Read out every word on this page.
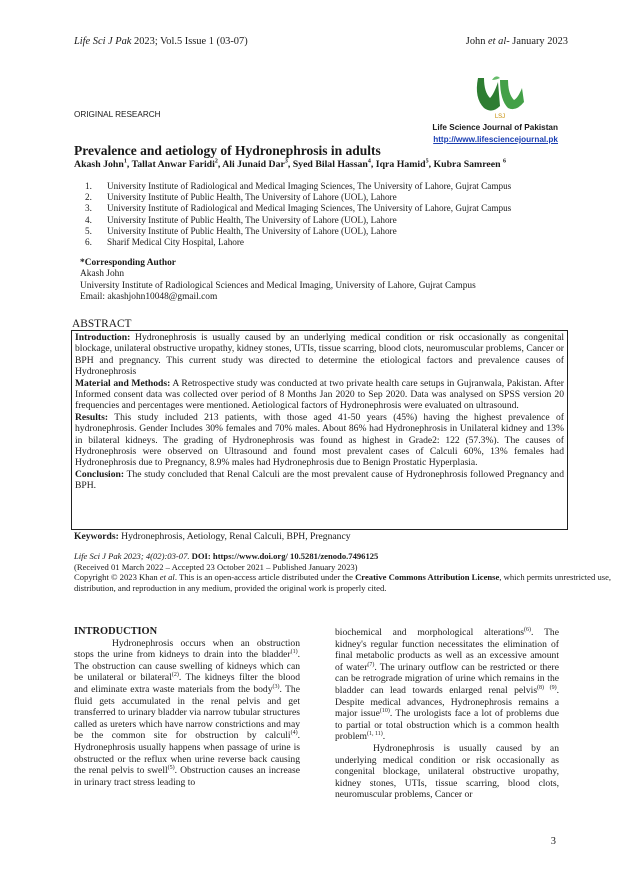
Life Sci J Pak 2023; Vol.5 Issue 1 (03-07)	John et al- January 2023
LSJ
ORIGINAL RESEARCH
Life Science Journal of Pakistan
http://www.lifesciencejournal.pk
Prevalence and aetiology of Hydronephrosis in adults
Akash John$^1$, Tallat Anwar Faridi$^2$, Ali Junaid Dar$^3$, Syed Bilal Hassan$^4$, Iqra Hamid$^5$, Kubra Samreen $^6$
1. University Institute of Radiological and Medical Imaging Sciences, The University of Lahore, Gujrat Campus
2. University Institute of Public Health, The University of Lahore (UOL), Lahore
3. University Institute of Radiological and Medical Imaging Sciences, The University of Lahore, Gujrat Campus
4. University Institute of Public Health, The University of Lahore (UOL), Lahore
5. University Institute of Public Health, The University of Lahore (UOL), Lahore
6. Sharif Medical City Hospital, Lahore
*Corresponding Author
Akash John
University Institute of Radiological Sciences and Medical Imaging, University of Lahore, Gujrat Campus
Email: akashjohn10048@gmail.com
ABSTRACT

Introduction: Hydronephrosis is usually caused by an underlying medical condition or risk occasionally as congenital blockage, unilateral obstructive uropathy, kidney stones, UTIs, tissue scarring, blood clots, neuromuscular problems, Cancer or BPH and pregnancy. This current study was directed to determine the etiological factors and prevalence causes of Hydronephrosis

Material and Methods: A Retrospective study was conducted at two private health care setups in Gujranwala, Pakistan. After Informed consent data was collected over period of 8 Months Jan 2020 to Sep 2020. Data was analysed on SPSS version 20 frequencies and percentages were mentioned. Aetiological factors of Hydronephrosis were evaluated on ultrasound.

Results: This study included 213 patients, with those aged 41-50 years (45%) having the highest prevalence of hydronephrosis. Gender Includes 30% females and 70% males. About 86% had Hydronephrosis in Unilateral kidney and 13% in bilateral kidneys. The grading of Hydronephrosis was found as highest in Grade2: 122 (57.3%). The causes of Hydronephrosis were observed on Ultrasound and found most prevalent cases of Calculi 60%, 13% females had Hydronephrosis due to Pregnancy, 8.9% males had Hydronephrosis due to Benign Prostatic Hyperplasia.

Conclusion: The study concluded that Renal Calculi are the most prevalent cause of Hydronephrosis followed Pregnancy and BPH.

Keywords: Hydronephrosis, Aetiology, Renal Calculi, BPH, Pregnancy
Life Sci J Pak 2023; 4(02):03-07. DOI: https://www.doi.org/ 10.5281/zenodo.7496125
(Received 01 March 2022 – Accepted 23 October 2021 – Published January 2023)
Copyright © 2023 Khan et al. This is an open-access article distributed under the Creative Commons Attribution License, which permits unrestricted use, distribution, and reproduction in any medium, provided the original work is properly cited.

INTRODUCTION

Hydronephrosis occurs when an obstruction stops the urine from kidneys to drain into the bladder$^{(1)}$. The obstruction can cause swelling of kidneys which can be unilateral or bilateral$^{(2)}$. The kidneys filter the blood and eliminate extra waste materials from the body$^{(3)}$. The fluid gets accumulated in the renal pelvis and get transferred to urinary bladder via narrow tubular structures called as ureters which have narrow constrictions and may be the common site for obstruction by calculi$^{(4)}$. Hydronephrosis usually happens when passage of urine is obstructed or the reflux when urine reverse back causing the renal pelvis to swell$^{(5)}$. Obstruction causes an increase in urinary tract stress leading to

biochemical and morphological alterations$^{(6)}$. The kidney's regular function necessitates the elimination of final metabolic products as well as an excessive amount of water$^{(7)}$. The urinary outflow can be restricted or there can be retrograde migration of urine which remains in the bladder can lead towards enlarged renal pelvis$^{(8) (9)}$. Despite medical advances, Hydronephrosis remains a major issue$^{(10)}$. The urologists face a lot of problems due to partial or total obstruction which is a common health problem$^{(1, 11)}$.

Hydronephrosis is usually caused by an underlying medical condition or risk occasionally as congenital blockage, unilateral obstructive uropathy, kidney stones, UTIs, tissue scarring, blood clots, neuromuscular problems, Cancer or

3
